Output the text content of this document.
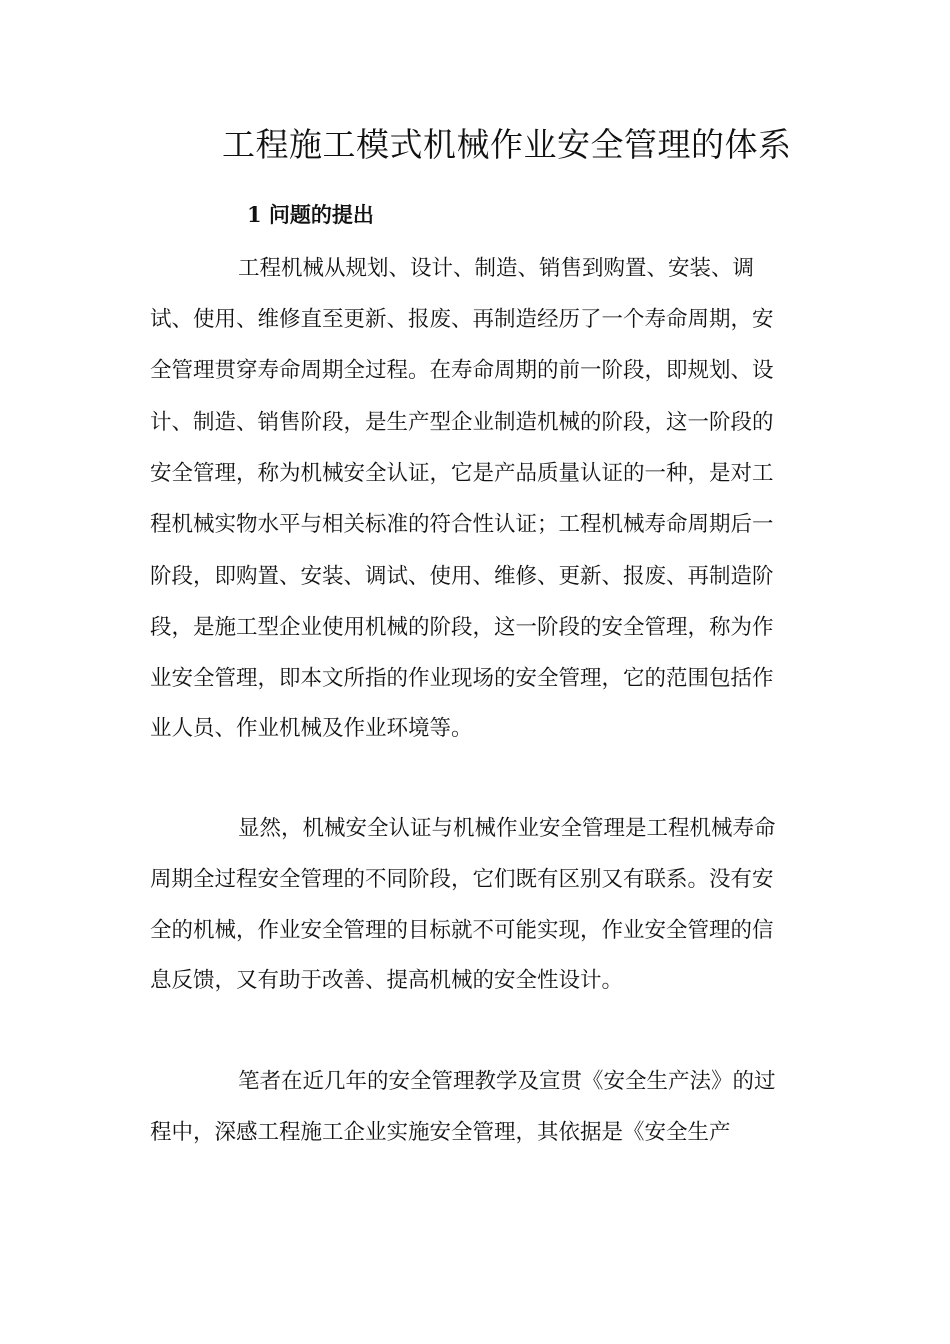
工程施工模式机械作业安全管理的体系
1 问题的提出

工程机械从规划、设计、制造、销售到购置、安装、调

试、使用、维修直至更新、报废、再制造经历了一个寿命周期，安

全管理贯穿寿命周期全过程。在寿命周期的前一阶段，即规划、设

计、制造、销售阶段，是生产型企业制造机械的阶段，这一阶段的

安全管理，称为机械安全认证，它是产品质量认证的一种，是对工

程机械实物水平与相关标准的符合性认证；工程机械寿命周期后一

阶段，即购置、安装、调试、使用、维修、更新、报废、再制造阶

段，是施工型企业使用机械的阶段，这一阶段的安全管理，称为作

业安全管理，即本文所指的作业现场的安全管理，它的范围包括作

业人员、作业机械及作业环境等。

显然，机械安全认证与机械作业安全管理是工程机械寿命

周期全过程安全管理的不同阶段，它们既有区别又有联系。没有安

全的机械，作业安全管理的目标就不可能实现，作业安全管理的信

息反馈，又有助于改善、提高机械的安全性设计。

笔者在近几年的安全管理教学及宣贯《安全生产法》的过

程中，深感工程施工企业实施安全管理，其依据是《安全生产
